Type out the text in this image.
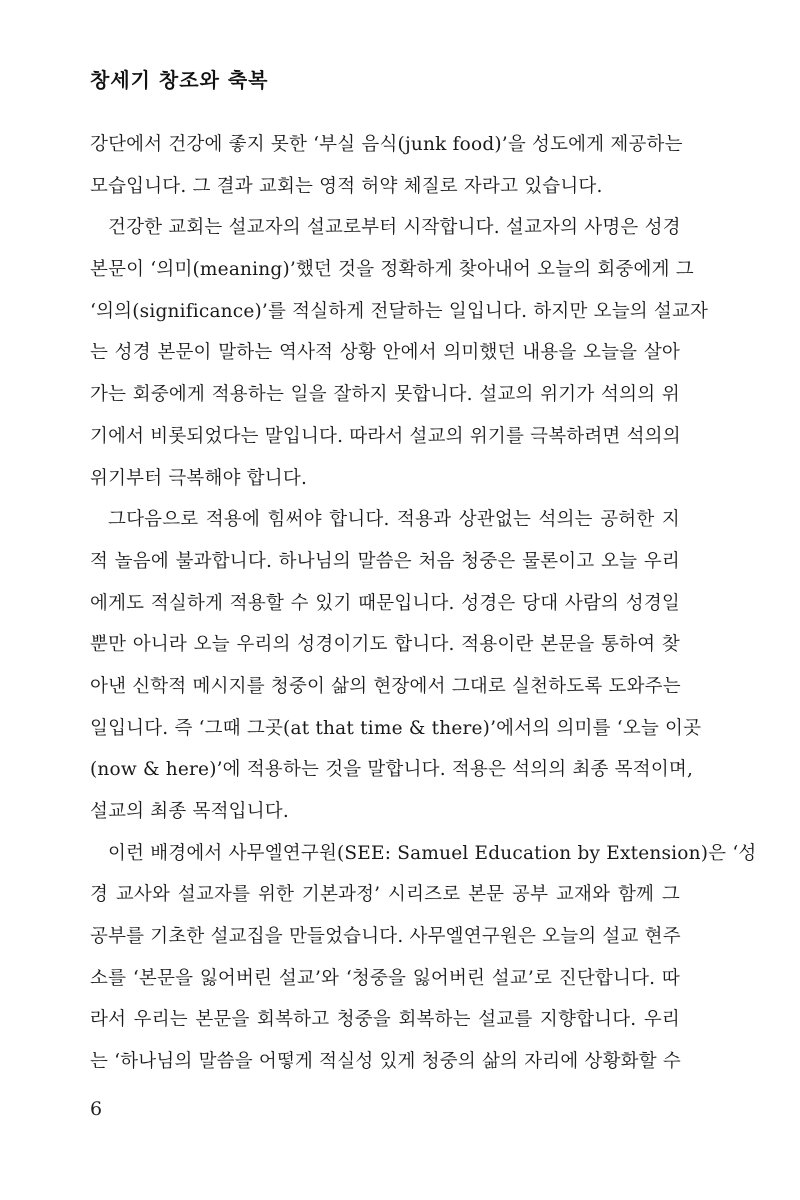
창세기 창조와 축복
강단에서 건강에 좋지 못한 ‘부실 음식(junk food)’을 성도에게 제공하는
모습입니다. 그 결과 교회는 영적 허약 체질로 자라고 있습니다.
건강한 교회는 설교자의 설교로부터 시작합니다. 설교자의 사명은 성경
본문이 ‘의미(meaning)’했던 것을 정확하게 찾아내어 오늘의 회중에게 그
‘의의(significance)’를 적실하게 전달하는 일입니다. 하지만 오늘의 설교자
는 성경 본문이 말하는 역사적 상황 안에서 의미했던 내용을 오늘을 살아
가는 회중에게 적용하는 일을 잘하지 못합니다. 설교의 위기가 석의의 위
기에서 비롯되었다는 말입니다. 따라서 설교의 위기를 극복하려면 석의의
위기부터 극복해야 합니다.
그다음으로 적용에 힘써야 합니다. 적용과 상관없는 석의는 공허한 지
적 놀음에 불과합니다. 하나님의 말씀은 처음 청중은 물론이고 오늘 우리
에게도 적실하게 적용할 수 있기 때문입니다. 성경은 당대 사람의 성경일
뿐만 아니라 오늘 우리의 성경이기도 합니다. 적용이란 본문을 통하여 찾
아낸 신학적 메시지를 청중이 삶의 현장에서 그대로 실천하도록 도와주는
일입니다. 즉 ‘그때 그곳(at that time & there)’에서의 의미를 ‘오늘 이곳
(now & here)’에 적용하는 것을 말합니다. 적용은 석의의 최종 목적이며,
설교의 최종 목적입니다.
이런 배경에서 사무엘연구원(SEE: Samuel Education by Extension)은 ‘성
경 교사와 설교자를 위한 기본과정’ 시리즈로 본문 공부 교재와 함께 그
공부를 기초한 설교집을 만들었습니다. 사무엘연구원은 오늘의 설교 현주
소를 ‘본문을 잃어버린 설교’와 ‘청중을 잃어버린 설교’로 진단합니다. 따
라서 우리는 본문을 회복하고 청중을 회복하는 설교를 지향합니다. 우리
는 ‘하나님의 말씀을 어떻게 적실성 있게 청중의 삶의 자리에 상황화할 수
6
